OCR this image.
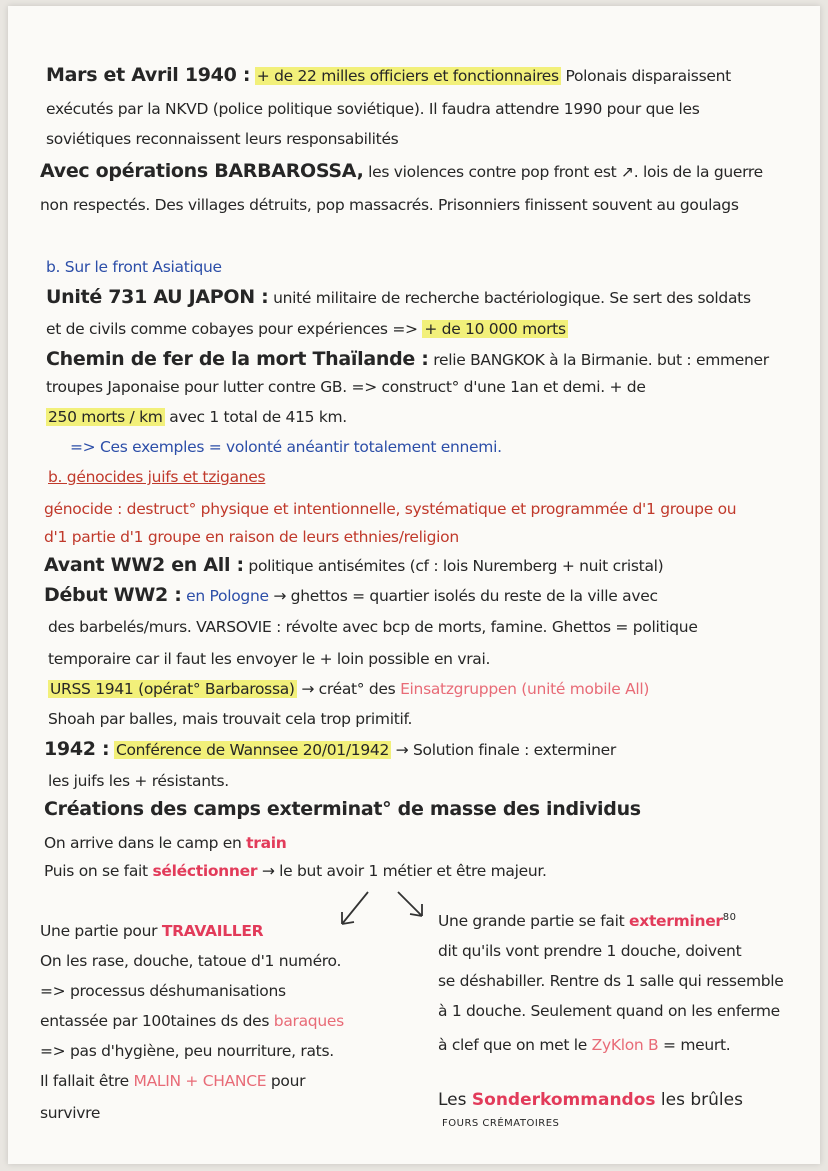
Mars et Avril 1940 : + de 22 milles officiers et fonctionnaires Polonais disparaissent
exécutés par la NKVD (police politique soviétique). Il faudra attendre 1990 pour que les
soviétiques reconnaissent leurs responsabilités
Avec opérations BARBAROSSA, les violences contre pop front est ↗. lois de la guerre
non respectés. Des villages détruits, pop massacrés. Prisonniers finissent souvent au goulags
b. Sur le front Asiatique
Unité 731 AU JAPON : unité militaire de recherche bactériologique. Se sert des soldats
et de civils comme cobayes pour expériences => + de 10 000 morts
Chemin de fer de la mort Thaïlande : relie BANGKOK à la Birmanie. but : emmener
troupes Japonaise pour lutter contre GB. => construct° d'une 1an et demi. + de
250 morts / km avec 1 total de 415 km.
=> Ces exemples = volonté anéantir totalement ennemi.
b. génocides juifs et tziganes
génocide : destruct° physique et intentionnelle, systématique et programmée d'1 groupe ou
d'1 partie d'1 groupe en raison de leurs ethnies/religion
Avant WW2 en All : politique antisémites (cf : lois Nuremberg + nuit cristal)
Début WW2 : en Pologne → ghettos = quartier isolés du reste de la ville avec
des barbelés/murs. VARSOVIE : révolte avec bcp de morts, famine. Ghettos = politique
temporaire car il faut les envoyer le + loin possible en vrai.
URSS 1941 (opérat° Barbarossa) → créat° des Einsatzgruppen (unité mobile All)
Shoah par balles, mais trouvait cela trop primitif.
1942 : Conférence de Wannsee 20/01/1942 → Solution finale : exterminer
les juifs les + résistants.
Créations des camps exterminat° de masse des individus
On arrive dans le camp en train
Puis on se fait séléctionner → le but avoir 1 métier et être majeur.
Une partie pour TRAVAILLER
On les rase, douche, tatoue d'1 numéro.
=> processus déshumanisations
entassée par 100taines ds des baraques
=> pas d'hygiène, peu nourriture, rats.
Il fallait être MALIN + CHANCE pour
survivre
Une grande partie se fait exterminer$^{80}$
dit qu'ils vont prendre 1 douche, doivent
se déshabiller. Rentre ds 1 salle qui ressemble
à 1 douche. Seulement quand on les enferme
à clef que on met le ZyKlon B = meurt.
Les Sonderkommandos les brûles
FOURS CRÉMATOIRES
